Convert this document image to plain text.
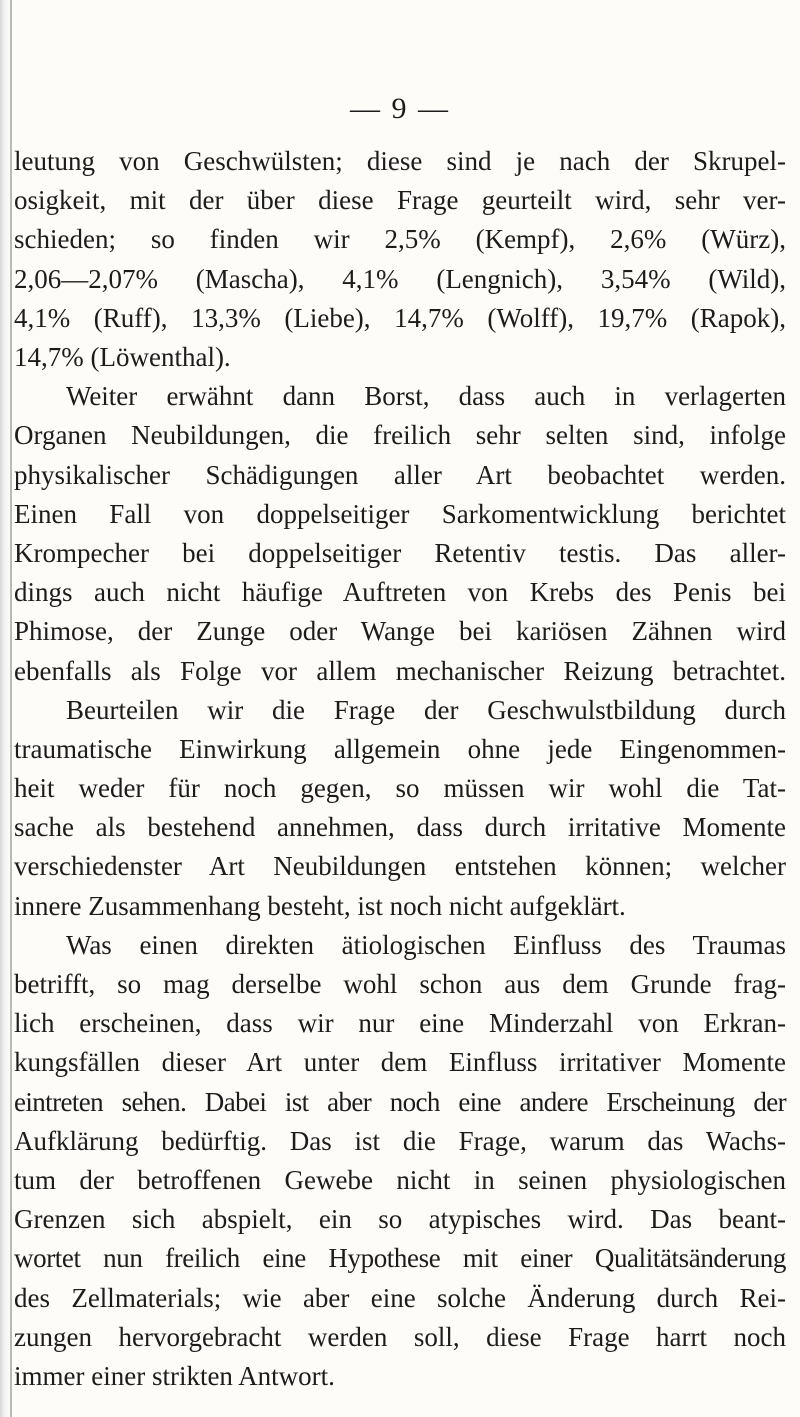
— 9 —
leutung von Geschwülsten; diese sind je nach der Skrupel-
osigkeit, mit der über diese Frage geurteilt wird, sehr ver-
schieden; so finden wir 2,5% (Kempf), 2,6% (Würz),
2,06—2,07% (Mascha), 4,1% (Lengnich), 3,54% (Wild),
4,1% (Ruff), 13,3% (Liebe), 14,7% (Wolff), 19,7% (Rapok),
14,7% (Löwenthal).
Weiter erwähnt dann Borst, dass auch in verlagerten
Organen Neubildungen, die freilich sehr selten sind, infolge
physikalischer Schädigungen aller Art beobachtet werden.
Einen Fall von doppelseitiger Sarkomentwicklung berichtet
Krompecher bei doppelseitiger Retentiv testis. Das aller-
dings auch nicht häufige Auftreten von Krebs des Penis bei
Phimose, der Zunge oder Wange bei kariösen Zähnen wird
ebenfalls als Folge vor allem mechanischer Reizung betrachtet.
Beurteilen wir die Frage der Geschwulstbildung durch
traumatische Einwirkung allgemein ohne jede Eingenommen-
heit weder für noch gegen, so müssen wir wohl die Tat-
sache als bestehend annehmen, dass durch irritative Momente
verschiedenster Art Neubildungen entstehen können; welcher
innere Zusammenhang besteht, ist noch nicht aufgeklärt.
Was einen direkten ätiologischen Einfluss des Traumas
betrifft, so mag derselbe wohl schon aus dem Grunde frag-
lich erscheinen, dass wir nur eine Minderzahl von Erkran-
kungsfällen dieser Art unter dem Einfluss irritativer Momente
eintreten sehen. Dabei ist aber noch eine andere Erscheinung der
Aufklärung bedürftig. Das ist die Frage, warum das Wachs-
tum der betroffenen Gewebe nicht in seinen physiologischen
Grenzen sich abspielt, ein so atypisches wird. Das beant-
wortet nun freilich eine Hypothese mit einer Qualitätsänderung
des Zellmaterials; wie aber eine solche Änderung durch Rei-
zungen hervorgebracht werden soll, diese Frage harrt noch
immer einer strikten Antwort.
